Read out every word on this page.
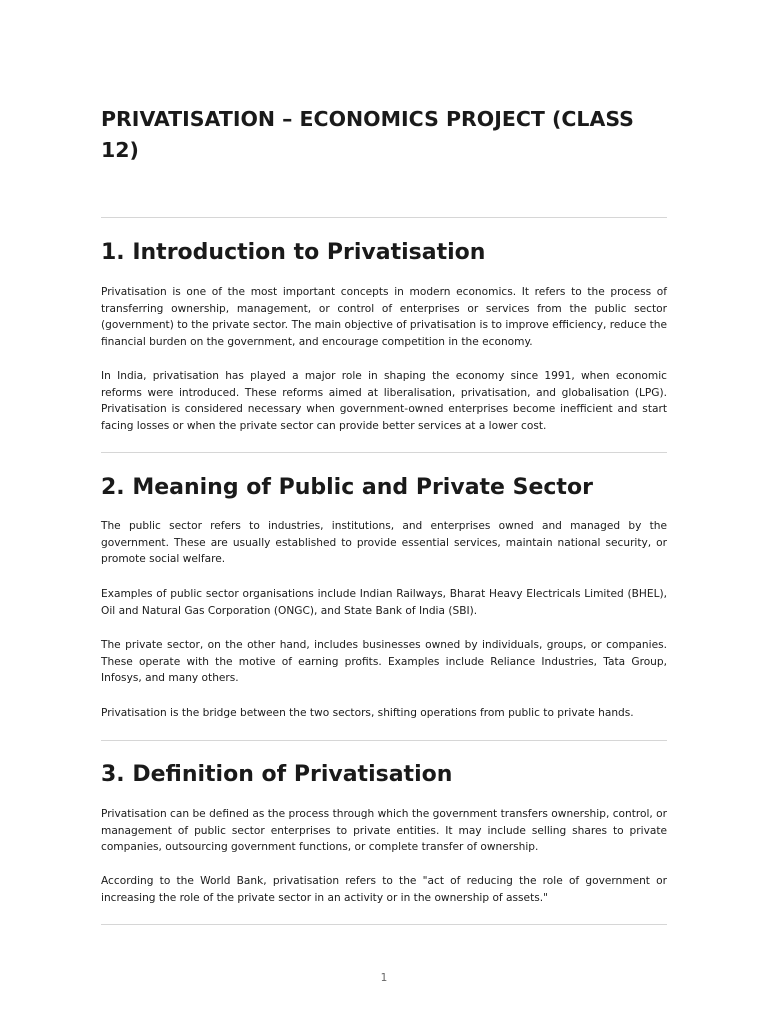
PRIVATISATION – ECONOMICS PROJECT (CLASS 12)
1. Introduction to Privatisation

Privatisation is one of the most important concepts in modern economics. It refers to the process of transferring ownership, management, or control of enterprises or services from the public sector (government) to the private sector. The main objective of privatisation is to improve efficiency, reduce the financial burden on the government, and encourage competition in the economy.

In India, privatisation has played a major role in shaping the economy since 1991, when economic reforms were introduced. These reforms aimed at liberalisation, privatisation, and globalisation (LPG). Privatisation is considered necessary when government-owned enterprises become inefficient and start facing losses or when the private sector can provide better services at a lower cost.

2. Meaning of Public and Private Sector

The public sector refers to industries, institutions, and enterprises owned and managed by the government. These are usually established to provide essential services, maintain national security, or promote social welfare.

Examples of public sector organisations include Indian Railways, Bharat Heavy Electricals Limited (BHEL), Oil and Natural Gas Corporation (ONGC), and State Bank of India (SBI).

The private sector, on the other hand, includes businesses owned by individuals, groups, or companies. These operate with the motive of earning profits. Examples include Reliance Industries, Tata Group, Infosys, and many others.

Privatisation is the bridge between the two sectors, shifting operations from public to private hands.

3. Definition of Privatisation

Privatisation can be defined as the process through which the government transfers ownership, control, or management of public sector enterprises to private entities. It may include selling shares to private companies, outsourcing government functions, or complete transfer of ownership.

According to the World Bank, privatisation refers to the "act of reducing the role of government or increasing the role of the private sector in an activity or in the ownership of assets."

1
